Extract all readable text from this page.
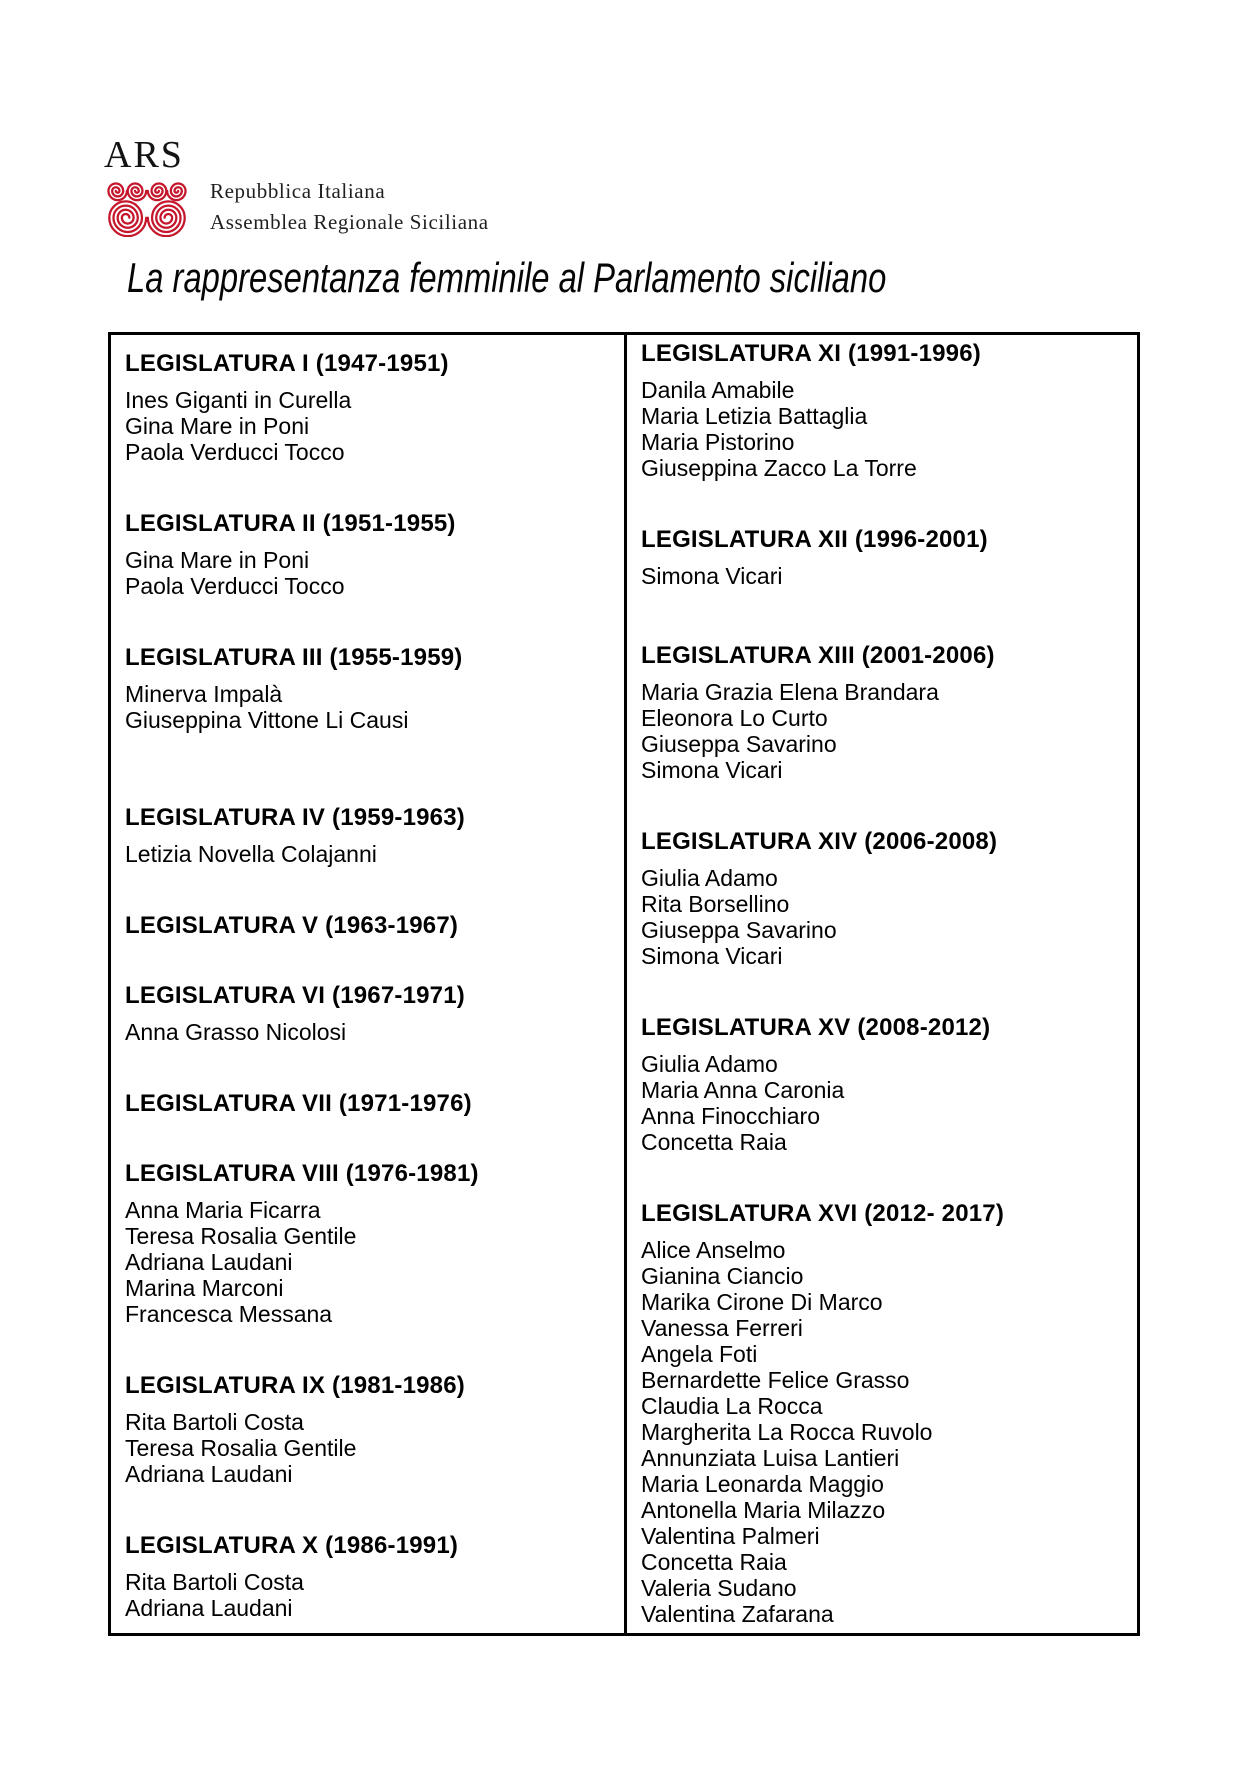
ARS
Repubblica Italiana
Assemblea Regionale Siciliana
La rappresentanza femminile al Parlamento siciliano
LEGISLATURA I (1947-1951)
Ines Giganti in Curella
Gina Mare in Poni
Paola Verducci Tocco
LEGISLATURA II (1951-1955)
Gina Mare in Poni
Paola Verducci Tocco
LEGISLATURA III (1955-1959)
Minerva Impalà
Giuseppina Vittone Li Causi
LEGISLATURA IV (1959-1963)
Letizia Novella Colajanni
LEGISLATURA V (1963-1967)
LEGISLATURA VI (1967-1971)
Anna Grasso Nicolosi
LEGISLATURA VII (1971-1976)
LEGISLATURA VIII (1976-1981)
Anna Maria Ficarra
Teresa Rosalia Gentile
Adriana Laudani
Marina Marconi
Francesca Messana
LEGISLATURA IX (1981-1986)
Rita Bartoli Costa
Teresa Rosalia Gentile
Adriana Laudani
LEGISLATURA X (1986-1991)
Rita Bartoli Costa
Adriana Laudani
LEGISLATURA XI (1991-1996)
Danila Amabile
Maria Letizia Battaglia
Maria Pistorino
Giuseppina Zacco La Torre
LEGISLATURA XII (1996-2001)
Simona Vicari
LEGISLATURA XIII (2001-2006)
Maria Grazia Elena Brandara
Eleonora Lo Curto
Giuseppa Savarino
Simona Vicari
LEGISLATURA XIV (2006-2008)
Giulia Adamo
Rita Borsellino
Giuseppa Savarino
Simona Vicari
LEGISLATURA XV (2008-2012)
Giulia Adamo
Maria Anna Caronia
Anna Finocchiaro
Concetta Raia
LEGISLATURA XVI (2012- 2017)
Alice Anselmo
Gianina Ciancio
Marika Cirone Di Marco
Vanessa Ferreri
Angela Foti
Bernardette Felice Grasso
Claudia La Rocca
Margherita La Rocca Ruvolo
Annunziata Luisa Lantieri
Maria Leonarda Maggio
Antonella Maria Milazzo
Valentina Palmeri
Concetta Raia
Valeria Sudano
Valentina Zafarana
